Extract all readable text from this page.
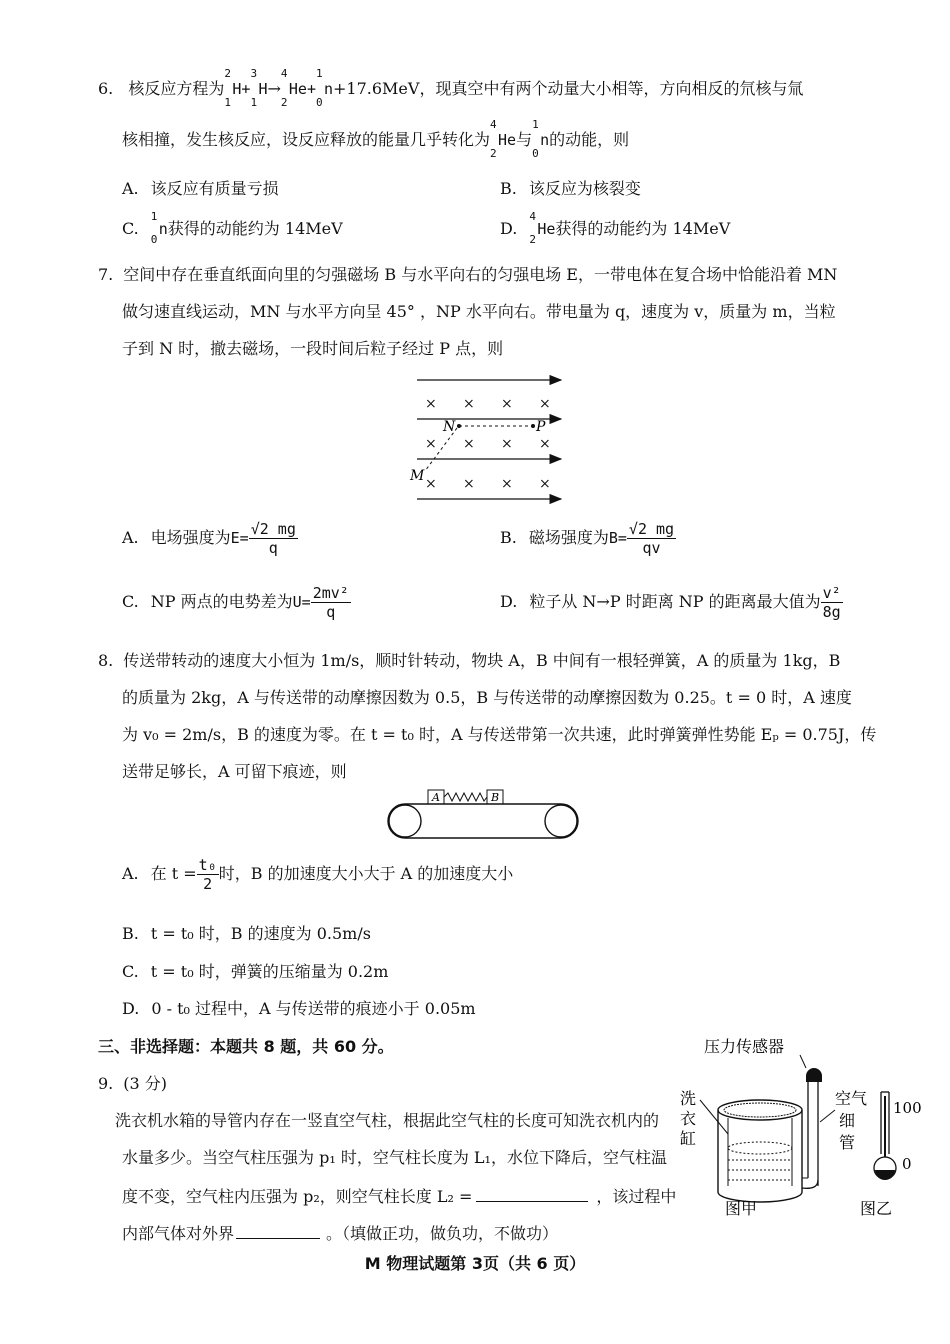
6. 核反应方程为
2
1
H+
3
1
H→
4
2
He+
1
0
n+17.6MeV，现真空中有两个动量大小相等，方向相反的氘核与氚
核相撞，发生核反应，设反应释放的能量几乎转化为
4
2
He与
1
0
n的动能，则
A. 该反应有质量亏损	B. 该反应为核裂变
C.
1
0
n获得的动能约为 14MeV	D.
4
2
He获得的动能约为 14MeV
7. 空间中存在垂直纸面向里的匀强磁场 B 与水平向右的匀强电场 E，一带电体在复合场中恰能沿着 MN
做匀速直线运动，MN 与水平方向呈 45° ，NP 水平向右。带电量为 q，速度为 v，质量为 m，当粒
子到 N 时，撤去磁场，一段时间后粒子经过 P 点，则
× × × ×
× × × ×
× × × ×
N	P
M
A. 电场强度为$E= \frac{√2 mg}{q}$	B. 磁场强度为$B= \frac{√2 mg}{qv}$
C. NP 两点的电势差为$U= \frac{\text{2mv²}}{q}$	D. 粒子从 N→P 时距离 NP 的距离最大值为 $\frac{\text{v²}}{8g}$
8. 传送带转动的速度大小恒为 1m/s，顺时针转动，物块 A，B 中间有一根轻弹簧，A 的质量为 1kg，B
的质量为 2kg，A 与传送带的动摩擦因数为 0.5，B 与传送带的动摩擦因数为 0.25。t = 0 时，A 速度
为 v₀ = 2m/s，B 的速度为零。在 t = t₀ 时，A 与传送带第一次共速，此时弹簧弹性势能 Eₚ = 0.75J，传
送带足够长，A 可留下痕迹，则
A	B
A. 在 $t = \frac{\text{t₀}}{2}$ 时，B 的加速度大小大于 A 的加速度大小
B. t = t₀ 时，B 的速度为 0.5m/s
C. t = t₀ 时，弹簧的压缩量为 0.2m
D. 0 - t₀ 过程中，A 与传送带的痕迹小于 0.05m
三、非选择题：本题共 8 题，共 60 分。
9. (3 分)
洗衣机水箱的导管内存在一竖直空气柱，根据此空气柱的长度可知洗衣机内的
水量多少。当空气柱压强为 p₁ 时，空气柱长度为 L₁，水位下降后，空气柱温
度不变，空气柱内压强为 p₂，则空气柱长度 L₂ =	，该过程中
内部气体对外界	。（填做正功，做负功，不做功）
压力传感器
洗
衣
缸
空气
细
管
100
0
图甲	图乙
M 物理试题第 3页（共 6 页）
